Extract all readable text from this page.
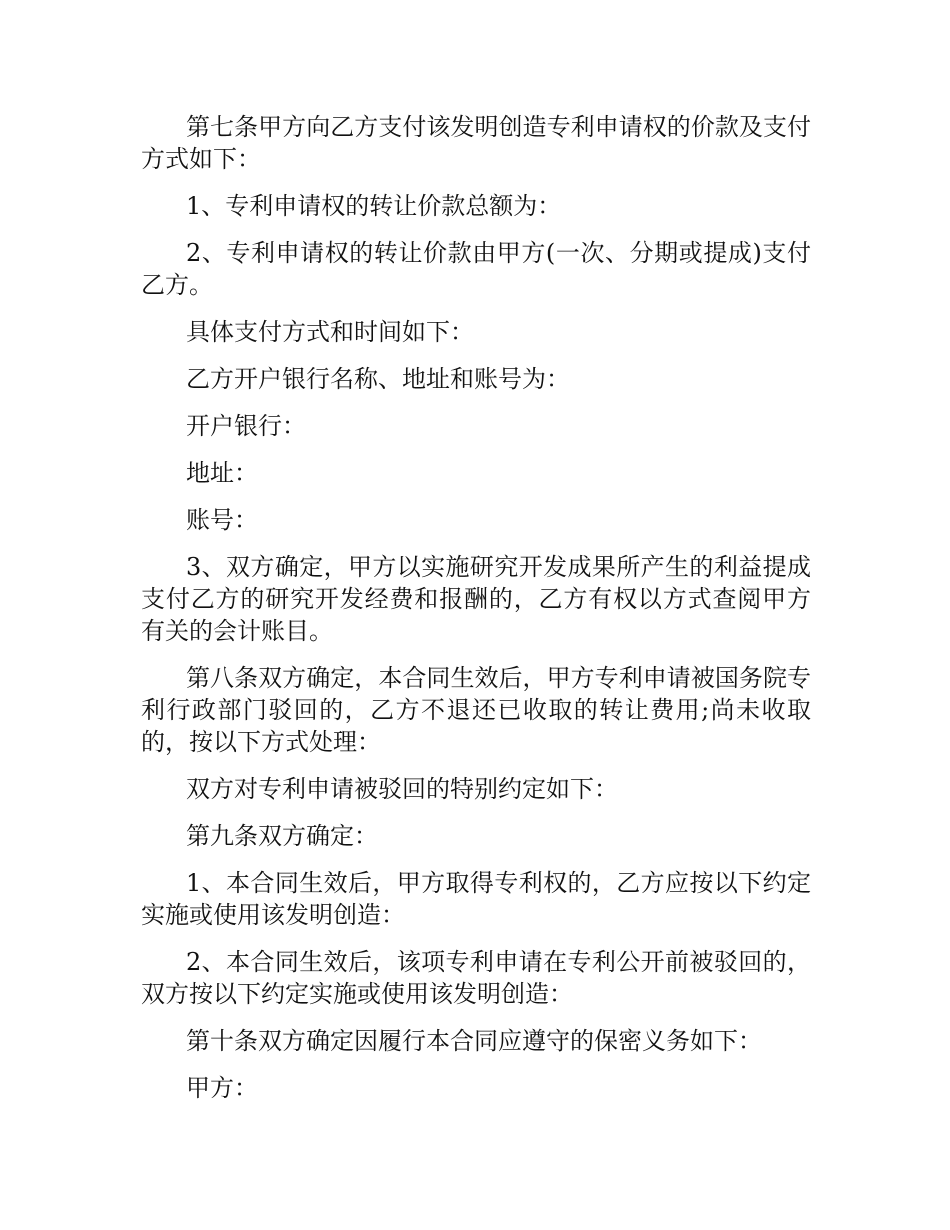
第七条甲方向乙方支付该发明创造专利申请权的价款及支付方式如下：

1、专利申请权的转让价款总额为：

2、专利申请权的转让价款由甲方(一次、分期或提成)支付乙方。

具体支付方式和时间如下：

乙方开户银行名称、地址和账号为：

开户银行：

地址：

账号：

3、双方确定，甲方以实施研究开发成果所产生的利益提成支付乙方的研究开发经费和报酬的，乙方有权以方式查阅甲方有关的会计账目。

第八条双方确定，本合同生效后，甲方专利申请被国务院专利行政部门驳回的，乙方不退还已收取的转让费用;尚未收取的，按以下方式处理：

双方对专利申请被驳回的特别约定如下：

第九条双方确定：

1、本合同生效后，甲方取得专利权的，乙方应按以下约定实施或使用该发明创造：

2、本合同生效后，该项专利申请在专利公开前被驳回的，双方按以下约定实施或使用该发明创造：

第十条双方确定因履行本合同应遵守的保密义务如下：

甲方：
